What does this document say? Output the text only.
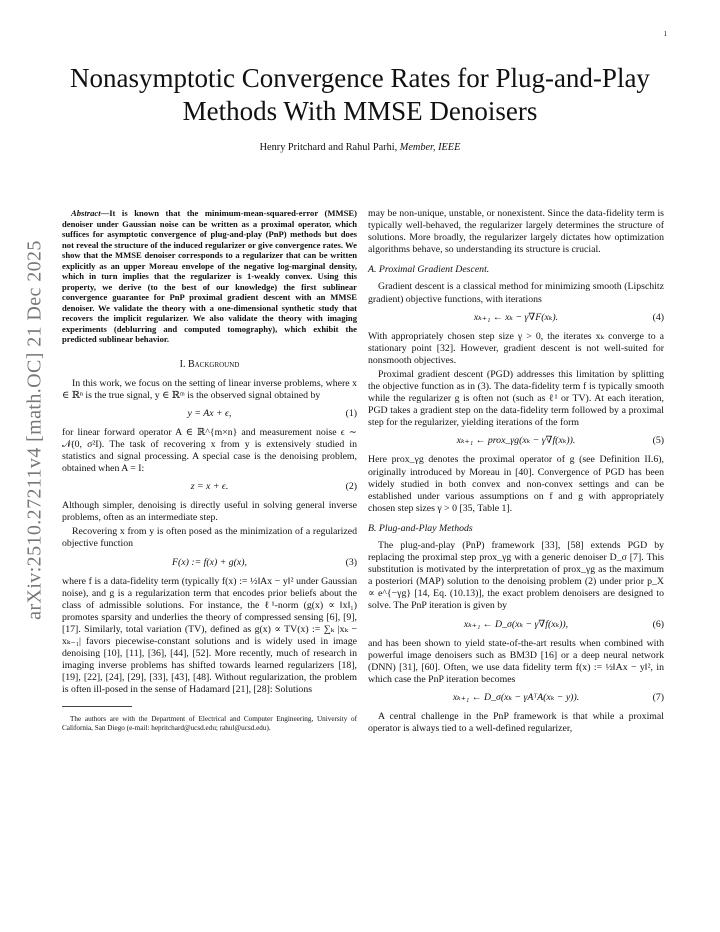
1
arXiv:2510.27211v4 [math.OC] 21 Dec 2025
Nonasymptotic Convergence Rates for Plug-and-Play Methods With MMSE Denoisers
Henry Pritchard and Rahul Parhi, Member, IEEE

Abstract—It is known that the minimum-mean-squared-error (MMSE) denoiser under Gaussian noise can be written as a proximal operator, which suffices for asymptotic convergence of plug-and-play (PnP) methods but does not reveal the structure of the induced regularizer or give convergence rates. We show that the MMSE denoiser corresponds to a regularizer that can be written explicitly as an upper Moreau envelope of the negative log-marginal density, which in turn implies that the regularizer is 1-weakly convex. Using this property, we derive (to the best of our knowledge) the first sublinear convergence guarantee for PnP proximal gradient descent with an MMSE denoiser. We validate the theory with a one-dimensional synthetic study that recovers the implicit regularizer. We also validate the theory with imaging experiments (deblurring and computed tomography), which exhibit the predicted sublinear behavior.

I. Background

In this work, we focus on the setting of linear inverse problems, where x ∈ ℝⁿ is the true signal, y ∈ ℝᵐ is the observed signal obtained by

y = Ax + ϵ,	(1)

for linear forward operator A ∈ ℝ^{m×n} and measurement noise ϵ ∼ 𝒩(0, σ²I). The task of recovering x from y is extensively studied in statistics and signal processing. A special case is the denoising problem, obtained when A = I:

z = x + ϵ.	(2)

Although simpler, denoising is directly useful in solving general inverse problems, often as an intermediate step.

Recovering x from y is often posed as the minimization of a regularized objective function

F(x) := f(x) + g(x),	(3)

where f is a data-fidelity term (typically f(x) := ½‖Ax − y‖² under Gaussian noise), and g is a regularization term that encodes prior beliefs about the class of admissible solutions. For instance, the ℓ¹-norm (g(x) ∝ ‖x‖₁) promotes sparsity and underlies the theory of compressed sensing [6], [9], [17]. Similarly, total variation (TV), defined as g(x) ∝ TV(x) := ∑ₖ |xₖ − xₖ₋₁| favors piecewise-constant solutions and is widely used in image denoising [10], [11], [36], [44], [52]. More recently, much of research in imaging inverse problems has shifted towards learned regularizers [18], [19], [22], [24], [29], [33], [43], [48]. Without regularization, the problem is often ill-posed in the sense of Hadamard [21], [28]: Solutions

The authors are with the Department of Electrical and Computer Engineering, University of California, San Diego (e-mail: hepritchard@ucsd.edu; rahul@ucsd.edu).

may be non-unique, unstable, or nonexistent. Since the data-fidelity term is typically well-behaved, the regularizer largely determines the structure of solutions. More broadly, the regularizer largely dictates how optimization algorithms behave, so understanding its structure is crucial.

A. Proximal Gradient Descent.

Gradient descent is a classical method for minimizing smooth (Lipschitz gradient) objective functions, with iterations

xₖ₊₁ ← xₖ − γ∇F(xₖ).	(4)

With appropriately chosen step size γ > 0, the iterates xₖ converge to a stationary point [32]. However, gradient descent is not well-suited for nonsmooth objectives.

Proximal gradient descent (PGD) addresses this limitation by splitting the objective function as in (3). The data-fidelity term f is typically smooth while the regularizer g is often not (such as ℓ¹ or TV). At each iteration, PGD takes a gradient step on the data-fidelity term followed by a proximal step for the regularizer, yielding iterations of the form

xₖ₊₁ ← prox_γg(xₖ − γ∇f(xₖ)).	(5)

Here prox_γg denotes the proximal operator of g (see Definition II.6), originally introduced by Moreau in [40]. Convergence of PGD has been widely studied in both convex and non-convex settings and can be established under various assumptions on f and g with appropriately chosen step sizes γ > 0 [35, Table 1].

B. Plug-and-Play Methods

The plug-and-play (PnP) framework [33], [58] extends PGD by replacing the proximal step prox_γg with a generic denoiser D_σ [7]. This substitution is motivated by the interpretation of prox_γg as the maximum a posteriori (MAP) solution to the denoising problem (2) under prior p_X ∝ e^{−γg} [14, Eq. (10.13)], the exact problem denoisers are designed to solve. The PnP iteration is given by

xₖ₊₁ ← D_σ(xₖ − γ∇f(xₖ)),	(6)

and has been shown to yield state-of-the-art results when combined with powerful image denoisers such as BM3D [16] or a deep neural network (DNN) [31], [60]. Often, we use data fidelity term f(x) := ½‖Ax − y‖², in which case the PnP iteration becomes

xₖ₊₁ ← D_σ(xₖ − γAᵀA(xₖ − y)).	(7)

A central challenge in the PnP framework is that while a proximal operator is always tied to a well-defined regularizer,
